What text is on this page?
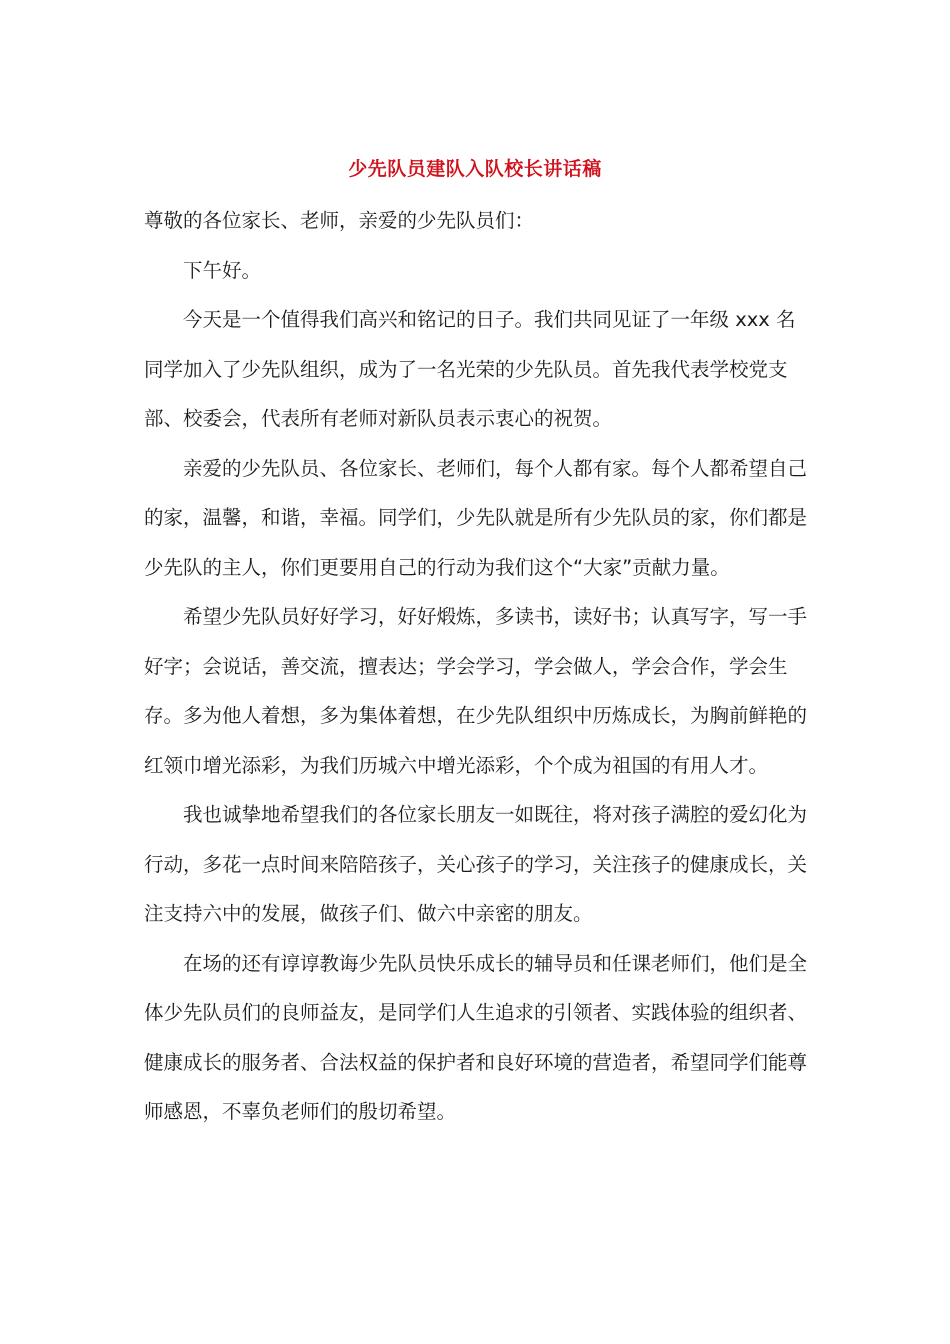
少先队员建队入队校长讲话稿

尊敬的各位家长、老师，亲爱的少先队员们：

下午好。

今天是一个值得我们高兴和铭记的日子。我们共同见证了一年级 xxx 名同学加入了少先队组织，成为了一名光荣的少先队员。首先我代表学校党支部、校委会，代表所有老师对新队员表示衷心的祝贺。

亲爱的少先队员、各位家长、老师们，每个人都有家。每个人都希望自己的家，温馨，和谐，幸福。同学们，少先队就是所有少先队员的家，你们都是少先队的主人，你们更要用自己的行动为我们这个“大家”贡献力量。

希望少先队员好好学习，好好煅炼，多读书，读好书；认真写字，写一手好字；会说话，善交流，擅表达；学会学习，学会做人，学会合作，学会生存。多为他人着想，多为集体着想，在少先队组织中历炼成长，为胸前鲜艳的红领巾增光添彩，为我们历城六中增光添彩，个个成为祖国的有用人才。

我也诚挚地希望我们的各位家长朋友一如既往，将对孩子满腔的爱幻化为行动，多花一点时间来陪陪孩子，关心孩子的学习，关注孩子的健康成长，关注支持六中的发展，做孩子们、做六中亲密的朋友。

在场的还有谆谆教诲少先队员快乐成长的辅导员和任课老师们，他们是全体少先队员们的良师益友，是同学们人生追求的引领者、实践体验的组织者、健康成长的服务者、合法权益的保护者和良好环境的营造者，希望同学们能尊师感恩，不辜负老师们的殷切希望。
